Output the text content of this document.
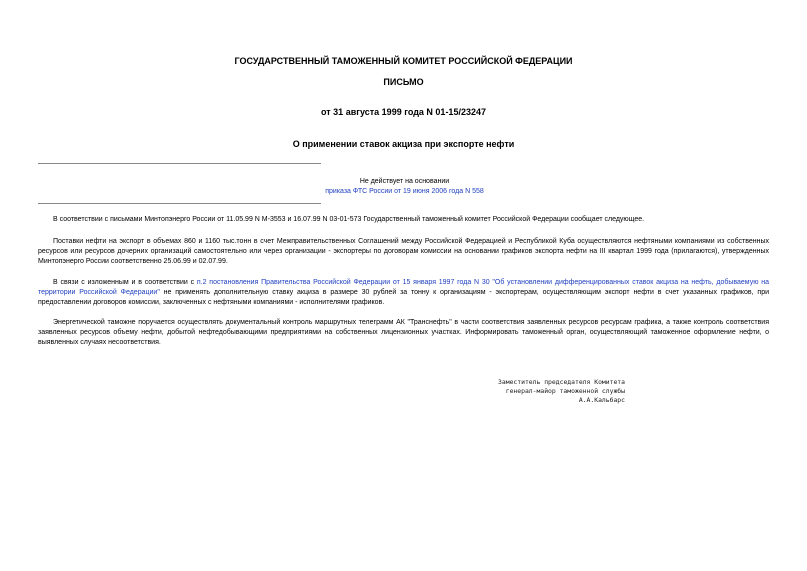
ГОСУДАРСТВЕННЫЙ ТАМОЖЕННЫЙ КОМИТЕТ РОССИЙСКОЙ ФЕДЕРАЦИИ
ПИСЬМО
от 31 августа 1999 года N 01-15/23247
О применении ставок акциза при экспорте нефти
Не действует на основании
приказа ФТС России от 19 июня 2006 года N 558
В соответствии с письмами Минтопэнерго России от 11.05.99 N М-3553 и 16.07.99 N 03-01-573 Государственный таможенный комитет Российской Федерации сообщает следующее.
Поставки нефти на экспорт в объемах 860 и 1160 тыс.тонн в счет Межправительственных Соглашений между Российской Федерацией и Республикой Куба осуществляются нефтяными компаниями из собственных ресурсов или ресурсов дочерних организаций самостоятельно или через организации - экспортеры по договорам комиссии на основании графиков экспорта нефти на III квартал 1999 года (прилагаются), утвержденных Минтопэнерго России соответственно 25.06.99 и 02.07.99.
В связи с изложенным и в соответствии с п.2 постановления Правительства Российской Федерации от 15 января 1997 года N 30 "Об установлении дифференцированных ставок акциза на нефть, добываемую на территории Российской Федерации" не применять дополнительную ставку акциза в размере 30 рублей за тонну к организациям - экспортерам, осуществляющим экспорт нефти в счет указанных графиков, при предоставлении договоров комиссии, заключенных с нефтяными компаниями - исполнителями графиков.
Энергетической таможне поручается осуществлять документальный контроль маршрутных телеграмм АК "Транснефть" в части соответствия заявленных ресурсов ресурсам графика, а также контроль соответствия заявленных ресурсов объему нефти, добытой нефтедобывающими предприятиями на собственных лицензионных участках. Информировать таможенный орган, осуществляющий таможенное оформление нефти, о выявленных случаях несоответствия.
Заместитель председателя Комитета
генерал-майор таможенной службы
А.А.Кальбарс
